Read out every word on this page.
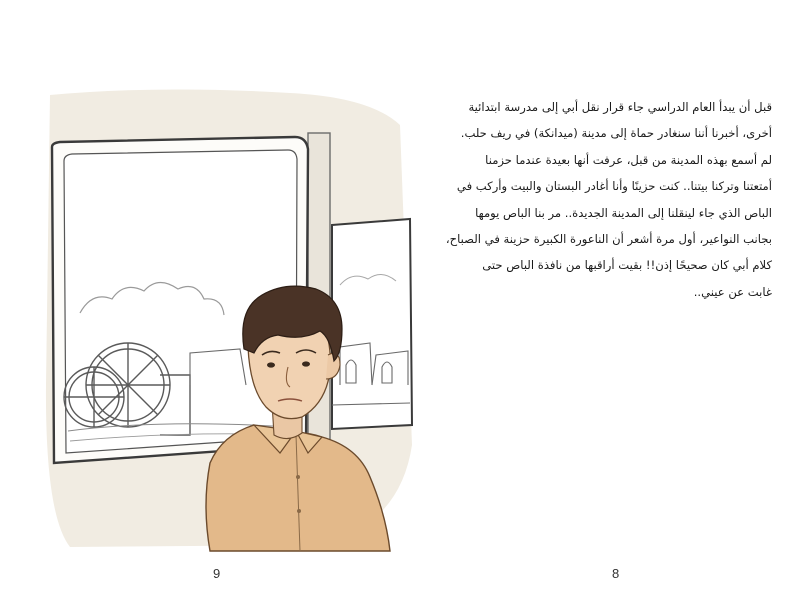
قبل أن يبدأ العام الدراسي جاء قرار نقل أبي إلى مدرسة ابتدائية
أخرى، أخبرنا أننا سنغادر حماة إلى مدينة (ميدانكة) في ريف حلب.
لم أسمع بهذه المدينة من قبل، عرفت أنها بعيدة عندما حزمنا
أمتعتنا وتركنا بيتنا.. كنت حزينًا وأنا أغادر البستان والبيت وأركب في
الباص الذي جاء لينقلنا إلى المدينة الجديدة.. مر بنا الباص يومها
بجانب النواعير، أول مرة أشعر أن الناعورة الكبيرة حزينة في الصباح،
كلام أبي كان صحيحًا إذن!! بقيت أراقبها من نافذة الباص حتى
غابت عن عيني..
9	8
